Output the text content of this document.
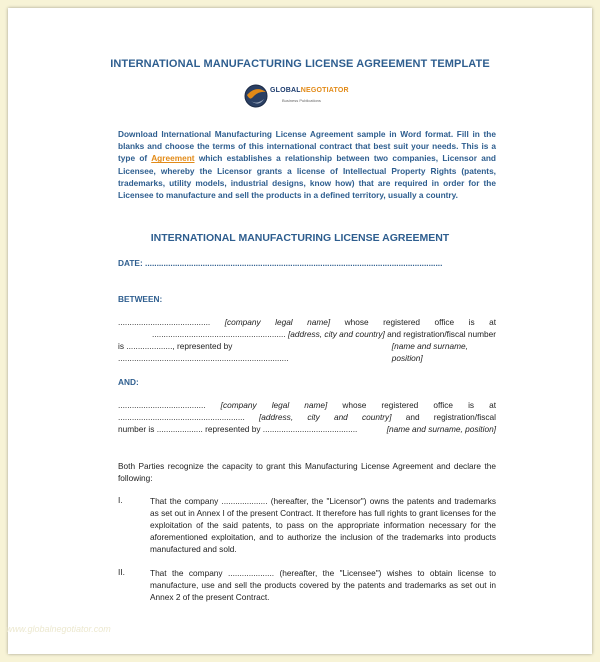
INTERNATIONAL MANUFACTURING LICENSE AGREEMENT TEMPLATE
GLOBALNEGOTIATOR
Business Publications
Download International Manufacturing License Agreement sample in Word format. Fill in the blanks and choose the terms of this international contract that best suit your needs. This is a type of Agreement which establishes a relationship between two companies, Licensor and Licensee, whereby the Licensor grants a license of Intellectual Property Rights (patents, trademarks, utility models, industrial designs, know how) that are required in order for the Licensee to manufacture and sell the products in a defined territory, usually a country.
INTERNATIONAL MANUFACTURING LICENSE AGREEMENT
DATE: .................................................................................................................................
BETWEEN:
........................................ [company legal name] whose registered office is at
.......................................................... [address, city and country] and registration/fiscal number
is ...................., represented by ..........................................................................
[name and surname, position]
AND:
...................................... [company legal name] whose registered office is at
....................................................... [address, city and country] and registration/fiscal
number is .................... represented by .........................................	[name and surname, position]
Both Parties recognize the capacity to grant this Manufacturing License Agreement and declare the following:
I.	That the company .................... (hereafter, the "Licensor") owns the patents and trademarks as set out in Annex I of the present Contract. It therefore has full rights to grant licenses for the exploitation of the said patents, to pass on the appropriate information necessary for the aforementioned exploitation, and to authorize the inclusion of the trademarks into products manufactured and sold.
II.	That the company .................... (hereafter, the "Licensee") wishes to obtain license to manufacture, use and sell the products covered by the patents and trademarks as set out in Annex 2 of the present Contract.
www.globalnegotiator.com
